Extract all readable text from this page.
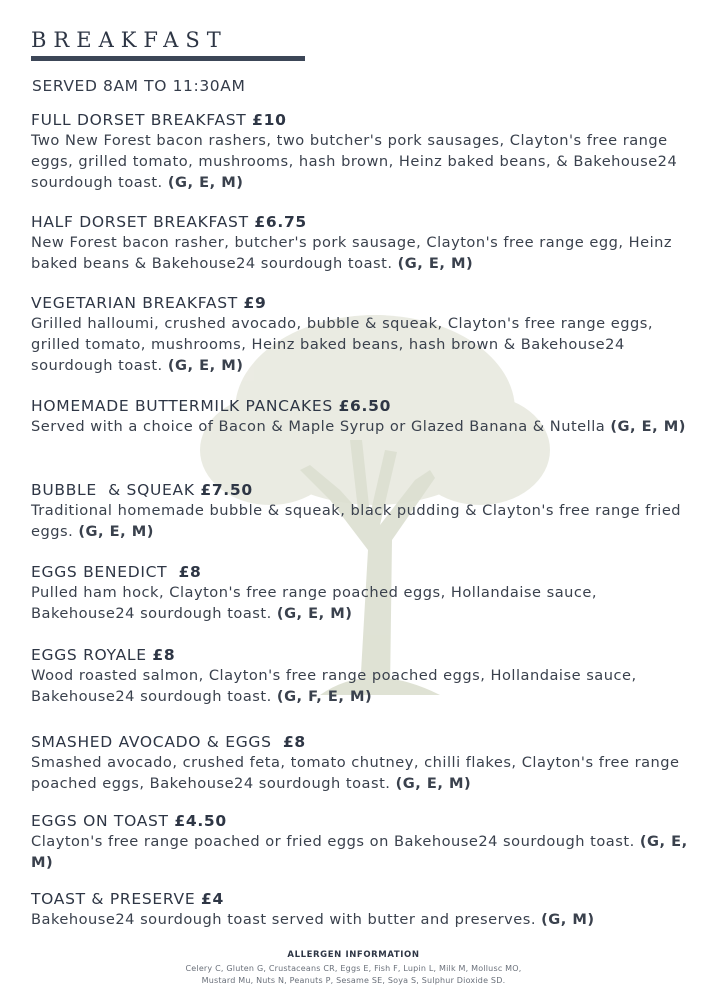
BREAKFAST
SERVED 8AM TO 11:30AM
FULL DORSET BREAKFAST £10
Two New Forest bacon rashers, two butcher's pork sausages, Clayton's free range eggs, grilled tomato, mushrooms, hash brown, Heinz baked beans, & Bakehouse24 sourdough toast. (G, E, M)
HALF DORSET BREAKFAST £6.75
New Forest bacon rasher, butcher's pork sausage, Clayton's free range egg, Heinz baked beans & Bakehouse24 sourdough toast. (G, E, M)
VEGETARIAN BREAKFAST £9
Grilled halloumi, crushed avocado, bubble & squeak, Clayton's free range eggs, grilled tomato, mushrooms, Heinz baked beans, hash brown & Bakehouse24 sourdough toast. (G, E, M)
HOMEMADE BUTTERMILK PANCAKES £6.50
Served with a choice of Bacon & Maple Syrup or Glazed Banana & Nutella (G, E, M)
BUBBLE  & SQUEAK £7.50
Traditional homemade bubble & squeak, black pudding & Clayton's free range fried eggs. (G, E, M)
EGGS BENEDICT  £8
Pulled ham hock, Clayton's free range poached eggs, Hollandaise sauce, Bakehouse24 sourdough toast. (G, E, M)
EGGS ROYALE £8
Wood roasted salmon, Clayton's free range poached eggs, Hollandaise sauce, Bakehouse24 sourdough toast. (G, F, E, M)
SMASHED AVOCADO & EGGS  £8
Smashed avocado, crushed feta, tomato chutney, chilli flakes, Clayton's free range poached eggs, Bakehouse24 sourdough toast. (G, E, M)
EGGS ON TOAST £4.50
Clayton's free range poached or fried eggs on Bakehouse24 sourdough toast. (G, E, M)
TOAST & PRESERVE £4
Bakehouse24 sourdough toast served with butter and preserves. (G, M)
ALLERGEN INFORMATION
Celery C, Gluten G, Crustaceans CR, Eggs E, Fish F, Lupin L, Milk M, Mollusc MO,
Mustard Mu, Nuts N, Peanuts P, Sesame SE, Soya S, Sulphur Dioxide SD.
